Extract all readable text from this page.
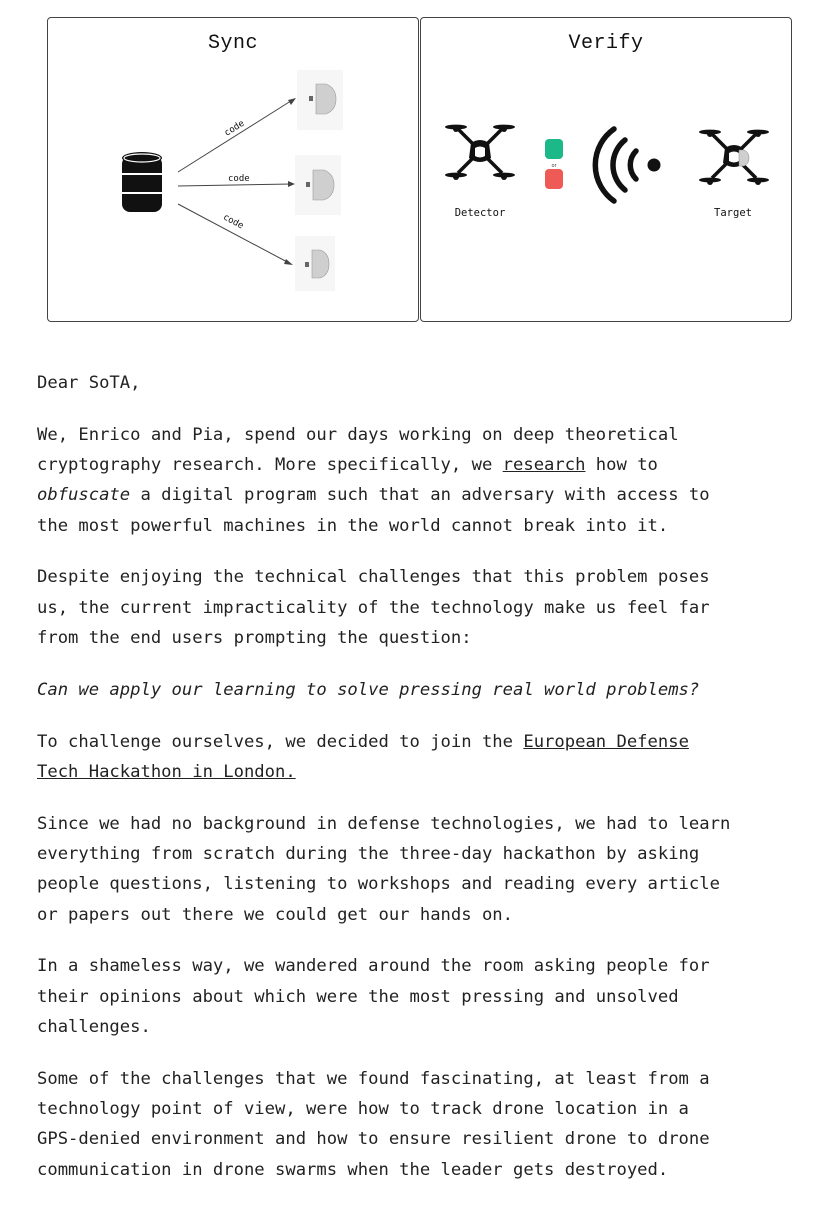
Sync
code
code
code
Verify
Detector
or
Target

Dear SoTA,

We, Enrico and Pia, spend our days working on deep theoretical
cryptography research. More specifically, we research how to
obfuscate a digital program such that an adversary with access to
the most powerful machines in the world cannot break into it.

Despite enjoying the technical challenges that this problem poses
us, the current impracticality of the technology make us feel far
from the end users prompting the question:

Can we apply our learning to solve pressing real world problems?

To challenge ourselves, we decided to join the European Defense
Tech Hackathon in London.

Since we had no background in defense technologies, we had to learn
everything from scratch during the three-day hackathon by asking
people questions, listening to workshops and reading every article
or papers out there we could get our hands on.

In a shameless way, we wandered around the room asking people for
their opinions about which were the most pressing and unsolved
challenges.

Some of the challenges that we found fascinating, at least from a
technology point of view, were how to track drone location in a
GPS-denied environment and how to ensure resilient drone to drone
communication in drone swarms when the leader gets destroyed.
